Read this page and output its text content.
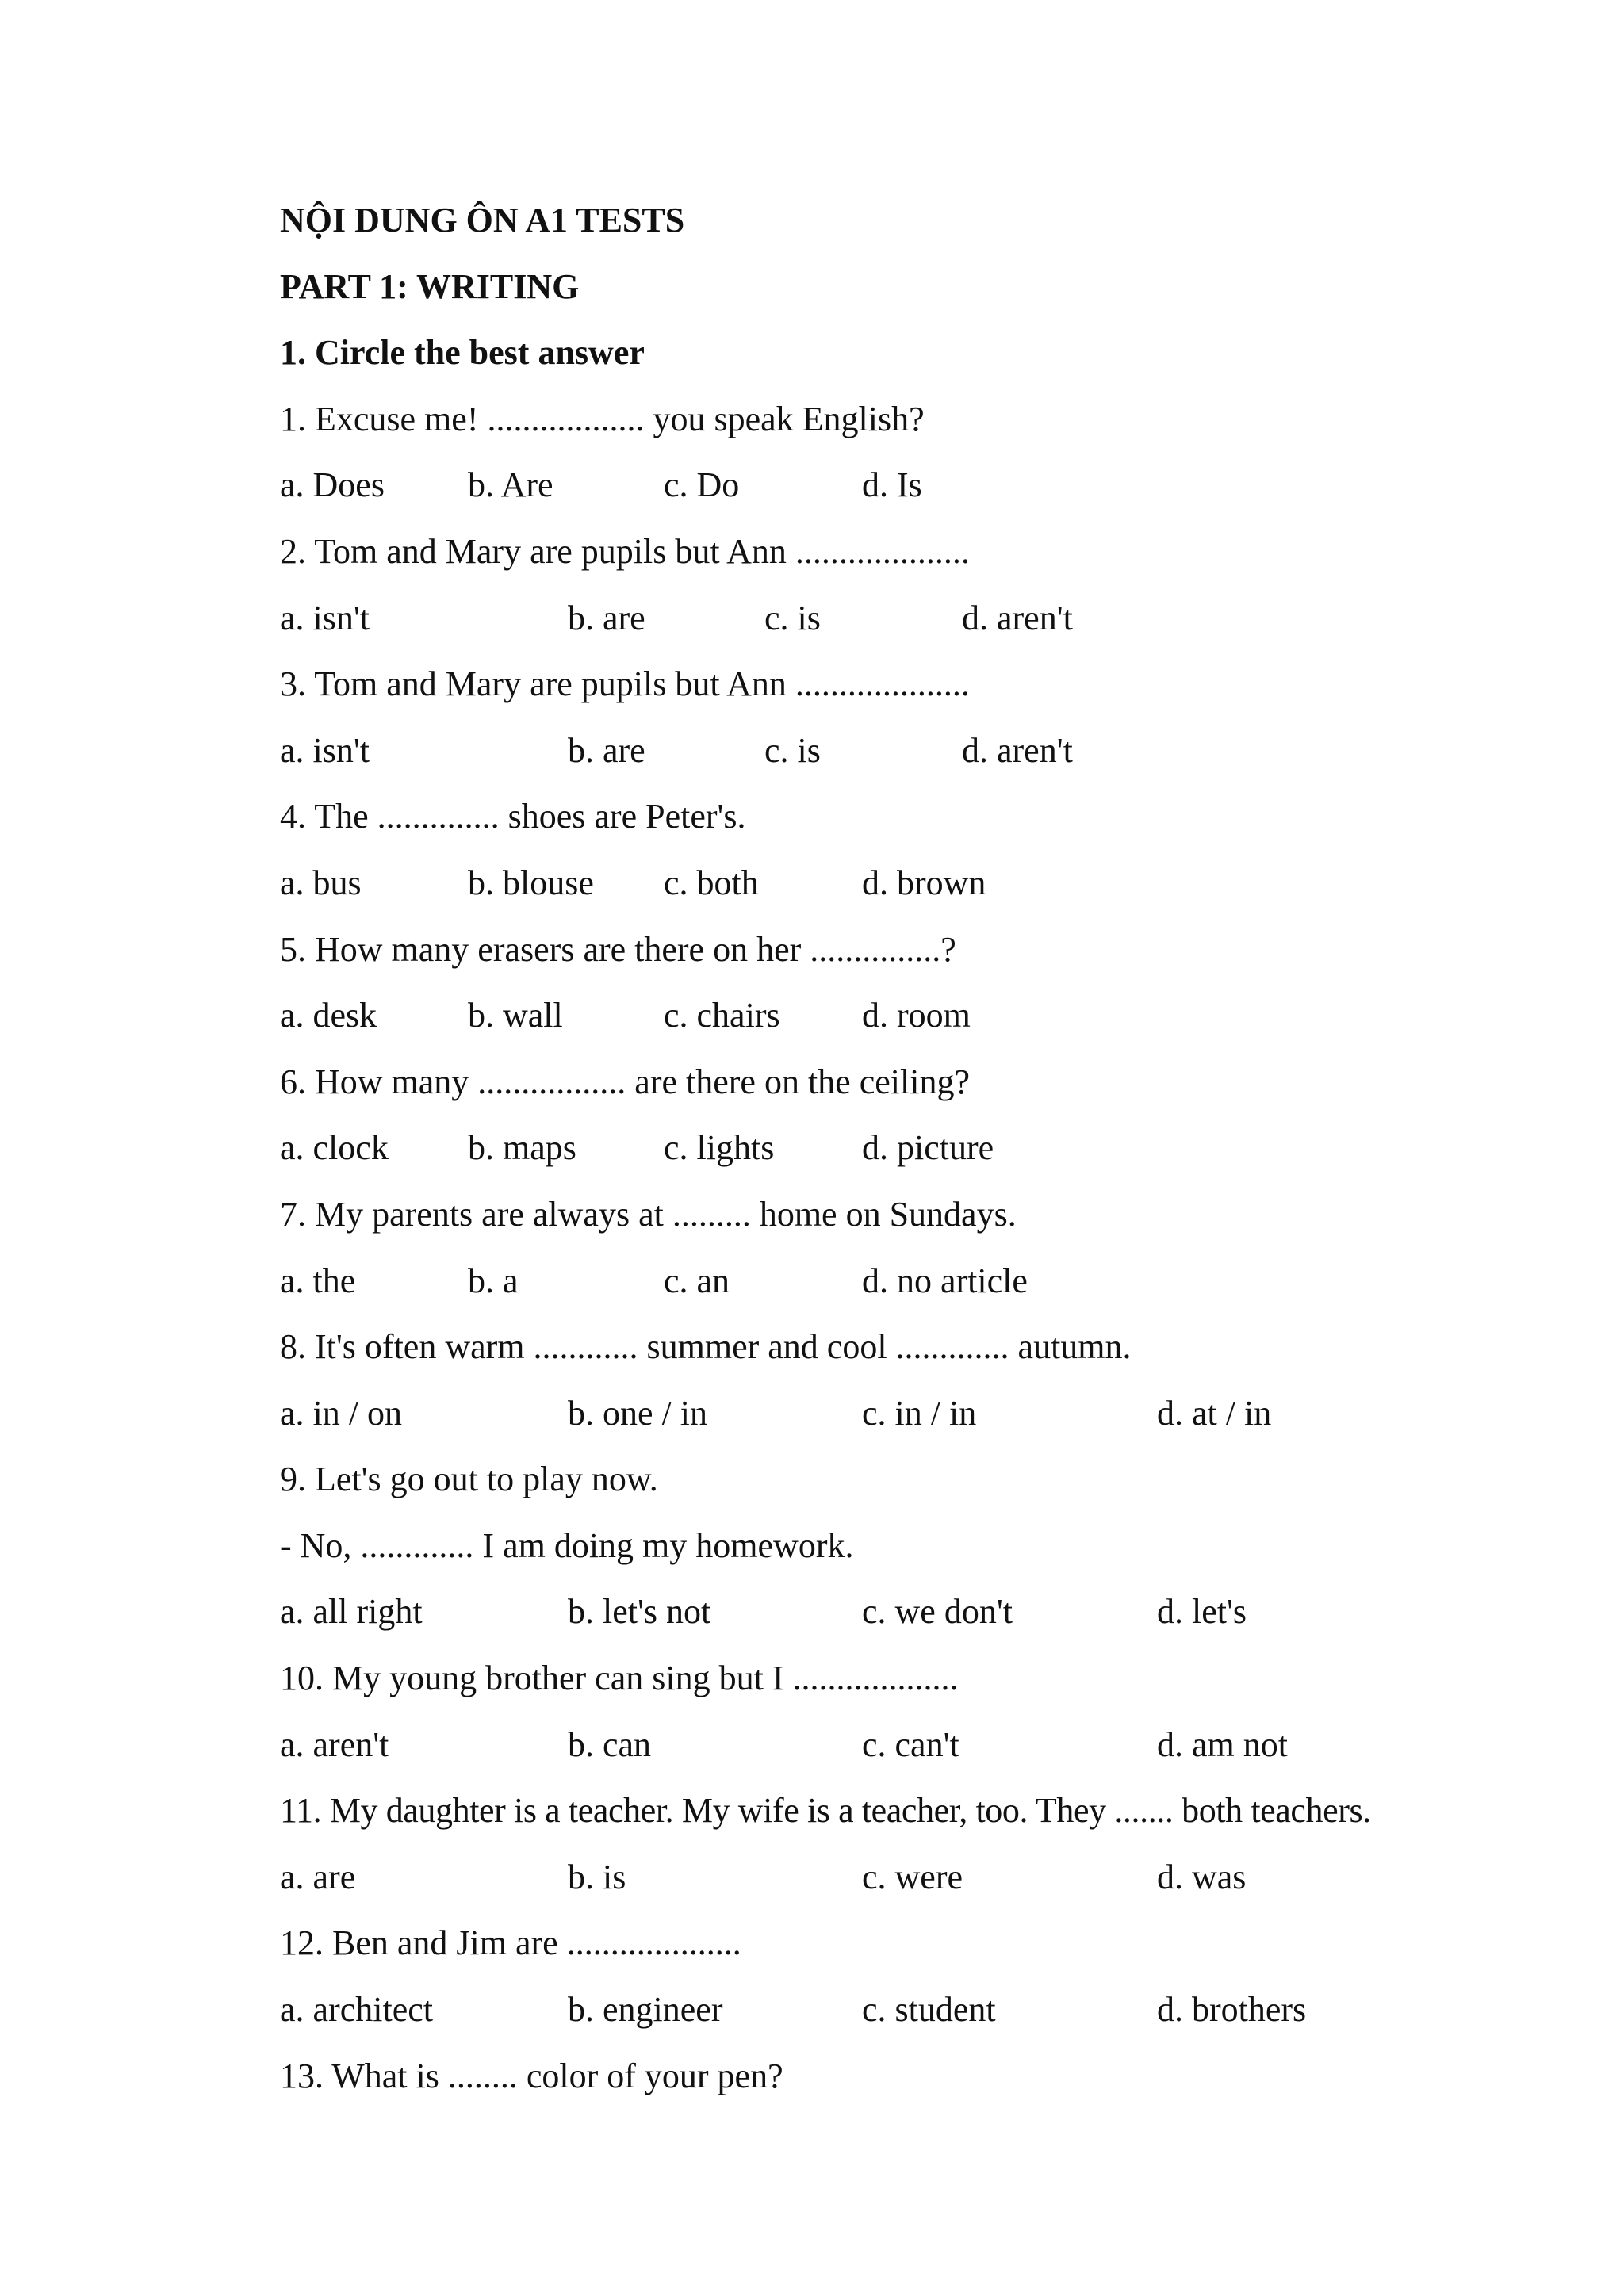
NỘI DUNG ÔN A1 TESTS
PART 1: WRITING
1. Circle the best answer
1. Excuse me! .................. you speak English?
a. Does b. Are	c. Do	d. Is
2. Tom and Mary are pupils but Ann ....................
a. isn't	b. are	c. is	d. aren't
3. Tom and Mary are pupils but Ann ....................
a. isn't	b. are	c. is	d. aren't
4. The .............. shoes are Peter's.
a. bus	b. blouse c. both	d. brown
5. How many erasers are there on her ...............?
a. desk	b. wall	c. chairs d. room
6. How many ................. are there on the ceiling?
a. clock b. maps	c. lights	d. picture
7. My parents are always at ......... home on Sundays.
a. the	b. a	c. an	d. no article
8. It's often warm ............ summer and cool ............. autumn.
a. in / on	b. one / in	c. in / in	d. at / in
9. Let's go out to play now.
- No, ............. I am doing my homework.
a. all right	b. let's not	c. we don't	d. let's
10. My young brother can sing but I ...................
a. aren't	b. can	c. can't	d. am not
11. My daughter is a teacher. My wife is a teacher, too. They ....... both teachers.
a. are	b. is	c. were	d. was
12. Ben and Jim are ....................
a. architect	b. engineer	c. student	d. brothers
13. What is ........ color of your pen?
